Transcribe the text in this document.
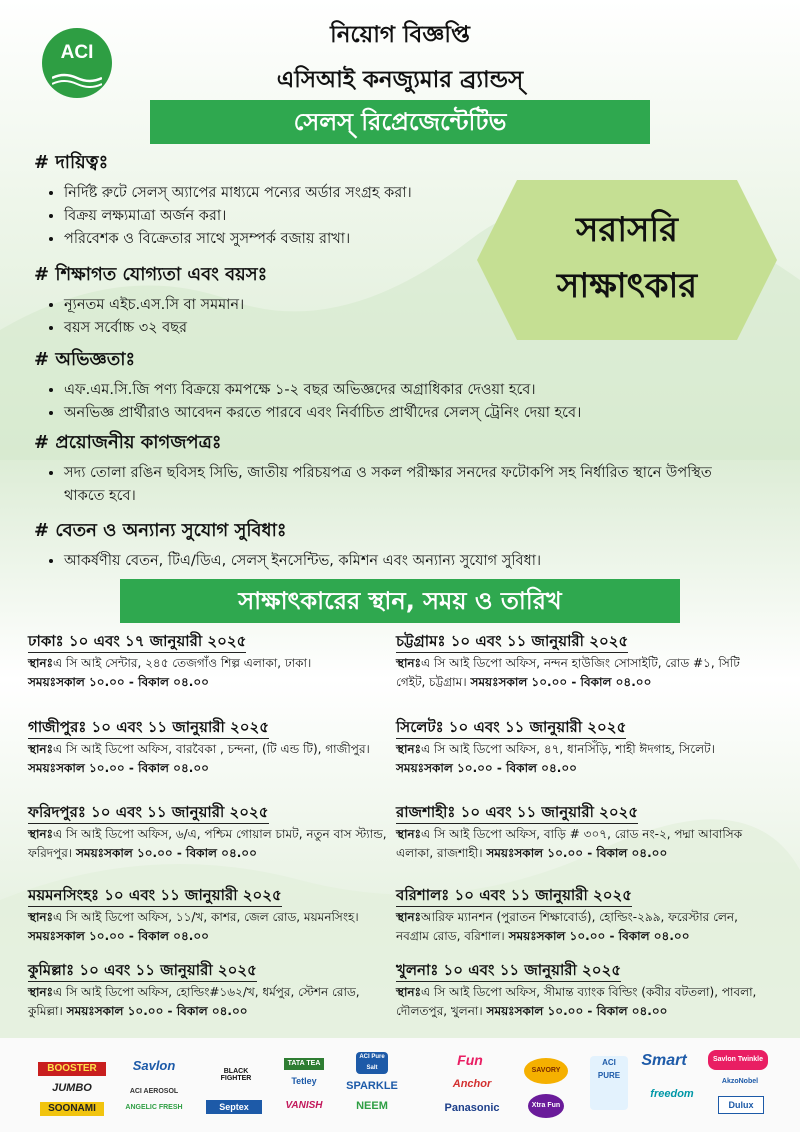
ACI
নিয়োগ বিজ্ঞপ্তি
এসিআই কনজ্যুমার ব্র্যান্ডস্
সেলস্ রিপ্রেজেন্টেটিভ
সরাসরি
সাক্ষাৎকার

# দায়িত্বঃ

• নির্দিষ্ট রুটে সেলস্ অ্যাপের মাধ্যমে পন্যের অর্ডার সংগ্রহ করা।
• বিক্রয় লক্ষ্যমাত্রা অর্জন করা।
• পরিবেশক ও বিক্রেতার সাথে সুসম্পর্ক বজায় রাখা।

# শিক্ষাগত যোগ্যতা এবং বয়সঃ

• ন্যূনতম এইচ.এস.সি বা সমমান।
• বয়স সর্বোচ্চ ৩২ বছর

# অভিজ্ঞতাঃ

• এফ.এম.সি.জি পণ্য বিক্রয়ে কমপক্ষে ১-২ বছর অভিজ্ঞদের অগ্রাধিকার দেওয়া হবে।
• অনভিজ্ঞ প্রার্থীরাও আবেদন করতে পারবে এবং নির্বাচিত প্রার্থীদের সেলস্ ট্রেনিং দেয়া হবে।

# প্রয়োজনীয় কাগজপত্রঃ

• সদ্য তোলা রঙিন ছবিসহ সিভি, জাতীয় পরিচয়পত্র ও সকল পরীক্ষার সনদের ফটোকপি সহ নির্ধারিত স্থানে উপস্থিত থাকতে হবে।

# বেতন ও অন্যান্য সুযোগ সুবিধাঃ

• আকর্ষণীয় বেতন, টিএ/ডিএ, সেলস্ ইনসেন্টিভ, কমিশন এবং অন্যান্য সুযোগ সুবিধা।
সাক্ষাৎকারের স্থান, সময় ও তারিখ
ঢাকাঃ ১০ এবং ১৭ জানুয়ারী ২০২৫
স্থানঃএ সি আই সেন্টার, ২৪৫ তেজগাঁও শিল্প এলাকা, ঢাকা।
সময়ঃসকাল ১০.০০ - বিকাল ০৪.০০
চট্টগ্রামঃ ১০ এবং ১১ জানুয়ারী ২০২৫
স্থানঃএ সি আই ডিপো অফিস, নন্দন হাউজিং সোসাইটি, রোড #১, সিটি গেইট, চট্টগ্রাম। সময়ঃসকাল ১০.০০ - বিকাল ০৪.০০
গাজীপুরঃ ১০ এবং ১১ জানুয়ারী ২০২৫
স্থানঃএ সি আই ডিপো অফিস, বারবৈকা , চন্দনা, (টি এন্ড টি), গাজীপুর। সময়ঃসকাল ১০.০০ - বিকাল ০৪.০০
সিলেটঃ ১০ এবং ১১ জানুয়ারী ২০২৫
স্থানঃএ সি আই ডিপো অফিস, ৪৭, ধানসিঁড়ি, শাহী ঈদগাহ, সিলেট।
সময়ঃসকাল ১০.০০ - বিকাল ০৪.০০
ফরিদপুরঃ ১০ এবং ১১ জানুয়ারী ২০২৫
স্থানঃএ সি আই ডিপো অফিস, ৬/এ, পশ্চিম গোয়াল চামট, নতুন বাস স্ট্যান্ড, ফরিদপুর। সময়ঃসকাল ১০.০০ - বিকাল ০৪.০০
রাজশাহীঃ ১০ এবং ১১ জানুয়ারী ২০২৫
স্থানঃএ সি আই ডিপো অফিস, বাড়ি # ৩০৭, রোড নং-২, পদ্মা আবাসিক এলাকা, রাজশাহী। সময়ঃসকাল ১০.০০ - বিকাল ০৪.০০
ময়মনসিংহঃ ১০ এবং ১১ জানুয়ারী ২০২৫
স্থানঃএ সি আই ডিপো অফিস, ১১/খ, কাশর, জেল রোড, ময়মনসিংহ। সময়ঃসকাল ১০.০০ - বিকাল ০৪.০০
বরিশালঃ ১০ এবং ১১ জানুয়ারী ২০২৫
স্থানঃআরিফ ম্যানশন (পুরাতন শিক্ষাবোর্ড), হোল্ডিং-২৯৯, ফরেস্টার লেন, নবগ্রাম রোড, বরিশাল। সময়ঃসকাল ১০.০০ - বিকাল ০৪.০০
কুমিল্লাঃ ১০ এবং ১১ জানুয়ারী ২০২৫
স্থানঃএ সি আই ডিপো অফিস, হোল্ডিং#১৬২/খ, ধর্মপুর, স্টেশন রোড, কুমিল্লা। সময়ঃসকাল ১০.০০ - বিকাল ০৪.০০
খুলনাঃ ১০ এবং ১১ জানুয়ারী ২০২৫
স্থানঃএ সি আই ডিপো অফিস, সীমান্ত ব্যাংক বিল্ডিং (কবীর বটতলা), পাবলা, দৌলতপুর, খুলনা। সময়ঃসকাল ১০.০০ - বিকাল ০৪.০০
BOOSTER
JUMBO
SOONAMI
Savlon
ACI AEROSOL
ANGELIC FRESH
BLACK FIGHTER
Septex
TATA TEA
Tetley
VANISH
ACI Pure Salt
SPARKLE
NEEM
Fun
Anchor
Panasonic
SAVORY
Xtra Fun
ACI PURE
Smart
freedom
Savlon Twinkle
AkzoNobel
Dulux
